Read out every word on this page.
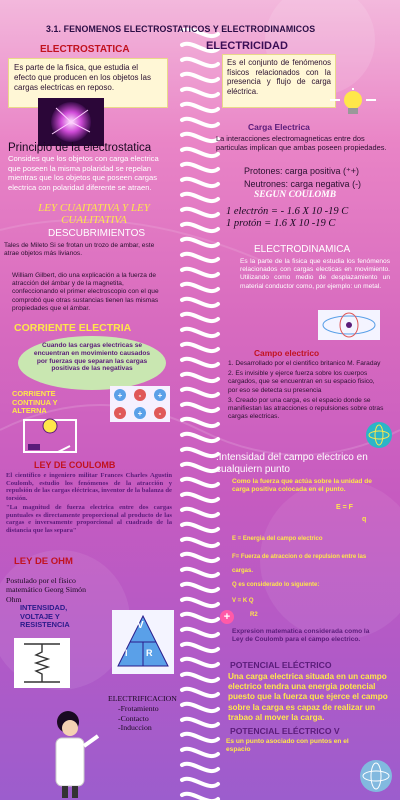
3.1. FENOMENOS ELECTROSTATICOS Y ELECTRODINAMICOS
ELECTROSTATICA
Es parte de la fisica, que estudia el efecto que producen en los objetos las cargas electricas en reposo.
Principio de la electrostatica
Consides que los objetos con carga electrica que poseen la misma polaridad se repelan mientras que los objetos que poseen cargas electrica con polaridad diferente se atraen.
LEY CUAITATIVA Y LEY CUALITATIVA
DESCUBRIMIENTOS
Tales de Mileto Si se frotan un trozo de ambar, este atrae objetos más livianos.
William Gilbert, dio una explicación a la fuerza de atracción del ámbar y de la magnetita, confeccionando el primer electroscopio con el que comprobó que otras sustancias tienen las mismas propiedades que el ámbar.
CORRIENTE ELECTRIA
Cuando las cargas electricas se encuentran en movimiento causados por fuerzas que separan las cargas positivas de las negativas
CORRIENTE CONTINUA Y ALTERNA
+ - +
- + -
LEY DE COULOMB
El científico e ingeniero militar Frances Charles Agustin Coulomb, estudio los fenómenos de la atracción y repulsión de las cargas eléctricas, inventor de la balanza de torsión.
"La magnitud de fuerza electrica entre dos cargas puntuales es directamente proporcional al producto de las cargas e inversamente proporcional al cuadrado de la distancia que las separa"
LEY DE OHM
Postulado por el físico matemático Georg Simón Ohm
INTENSIDAD, VOLTAJE Y RESISTENCIA	V
I R
ELECTRIFICACION
-Frotamiento
-Contacto
-Induccion
ELECTRICIDAD
Es el conjunto de fenómenos físicos relacionados con la presencia y flujo de carga eléctrica.
Carga Electrica
La interacciones electromagneticas entre dos particulas implican que ambas poseen propiedades.
Protones: carga positiva (⁺+)
Neutrones: carga negativa (-)
SEGUN COULOMB
1 electrón = - 1.6 X 10 -19 C
1 protón = 1.6 X 10 -19 C
ELECTRODINAMICA
Es la parte de la fisica que estudia los fenómenos relacionados con cargas electicas en movimiento. Utilizando como medio de desplazamiento un material conductor como, por ejemplo: un metal.
Campo electrico
1. Desarrollado por el cientifico britanico M. Faraday
2. Es invisible y ejerce fuerza sobre los cuerpos cargados, que se encuentran en su espacio fisico, por eso se detecta su presencia
3. Creado por una carga, es el espacio donde se manifiestan las atracciones o repulsiones sobre otras cargas electricas.
.Intensidad del campo electrico en cualquiern punto
Como la fuerza que actúa sobre la unidad de carga positiva colocada en el punto.
E = F
q
E = Energia del campo electrico
F= Fuerza de atraccion o de repulsion entre las cargas.
Q es considerado lo siguiente:
V = K Q
R2
+
Expresion matematica considerada como la Ley de Coulomb para el campo electrico.
POTENCIAL ELÉCTRICO
Una carga electrica situada en un campo electrico tendra una energia potencial puesto que la fuerza que ejerce el campo sobre la carga es capaz de realizar un trabao al mover la carga.
POTENCIAL ELÉCTRICO V
Es un punto asociado con puntos en el espacio
